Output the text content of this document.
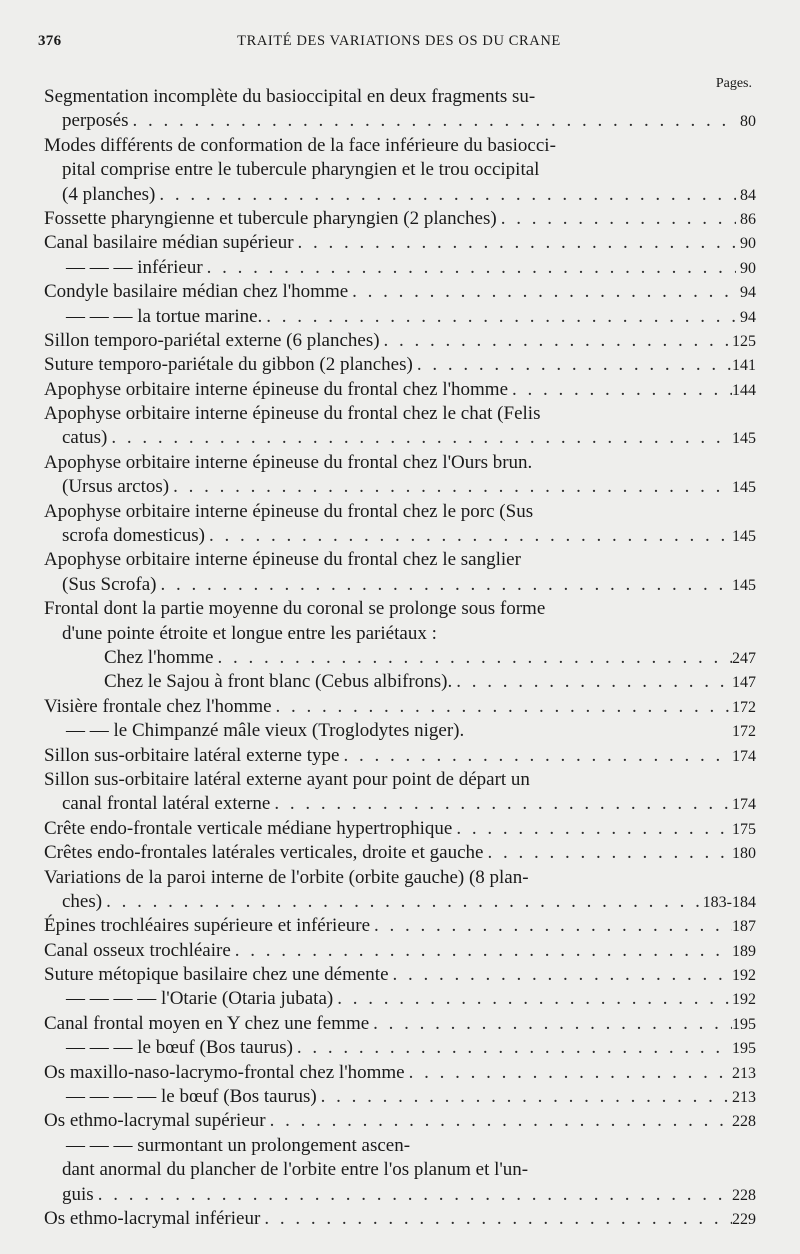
376	TRAITÉ DES VARIATIONS DES OS DU CRANE
Pages.
Segmentation incomplète du basioccipital en deux fragments su-
perposés . . .	80
Modes différents de conformation de la face inférieure du basiocci-
pital comprise entre le tubercule pharyngien et le trou occipital
(4 planches) . . .	84
Fossette pharyngienne et tubercule pharyngien (2 planches) . . .	86
Canal basilaire médian supérieur . . .	90
— — — inférieur . . .	90
Condyle basilaire médian chez l'homme . . .	94
— — — la tortue marine. . . .	94
Sillon temporo-pariétal externe (6 planches) . . .	125
Suture temporo-pariétale du gibbon (2 planches) . . .	141
Apophyse orbitaire interne épineuse du frontal chez l'homme . . .	144
Apophyse orbitaire interne épineuse du frontal chez le chat (Felis
catus) . . .	145
Apophyse orbitaire interne épineuse du frontal chez l'Ours brun.
(Ursus arctos) . . .	145
Apophyse orbitaire interne épineuse du frontal chez le porc (Sus
scrofa domesticus) . . .	145
Apophyse orbitaire interne épineuse du frontal chez le sanglier
(Sus Scrofa) . . .	145
Frontal dont la partie moyenne du coronal se prolonge sous forme
d'une pointe étroite et longue entre les pariétaux :
Chez l'homme . . .	247
Chez le Sajou à front blanc (Cebus albifrons). . . .	147
Visière frontale chez l'homme . . .	172
— — le Chimpanzé mâle vieux (Troglodytes niger).	172
Sillon sus-orbitaire latéral externe type . . .	174
Sillon sus-orbitaire latéral externe ayant pour point de départ un
canal frontal latéral externe . . .	174
Crête endo-frontale verticale médiane hypertrophique . . .	175
Crêtes endo-frontales latérales verticales, droite et gauche . . .	180
Variations de la paroi interne de l'orbite (orbite gauche) (8 plan-
ches) . . .	183-184
Épines trochléaires supérieure et inférieure . . .	187
Canal osseux trochléaire . . .	189
Suture métopique basilaire chez une démente . . .	192
— — — — l'Otarie (Otaria jubata) . . .	192
Canal frontal moyen en Y chez une femme . . .	195
— — — le bœuf (Bos taurus) . . .	195
Os maxillo-naso-lacrymo-frontal chez l'homme . . .	213
— — — — le bœuf (Bos taurus) . . .	213
Os ethmo-lacrymal supérieur . . .	228
— — — surmontant un prolongement ascen-
dant anormal du plancher de l'orbite entre l'os planum et l'un-
guis . . .	228
Os ethmo-lacrymal inférieur . . .	229
